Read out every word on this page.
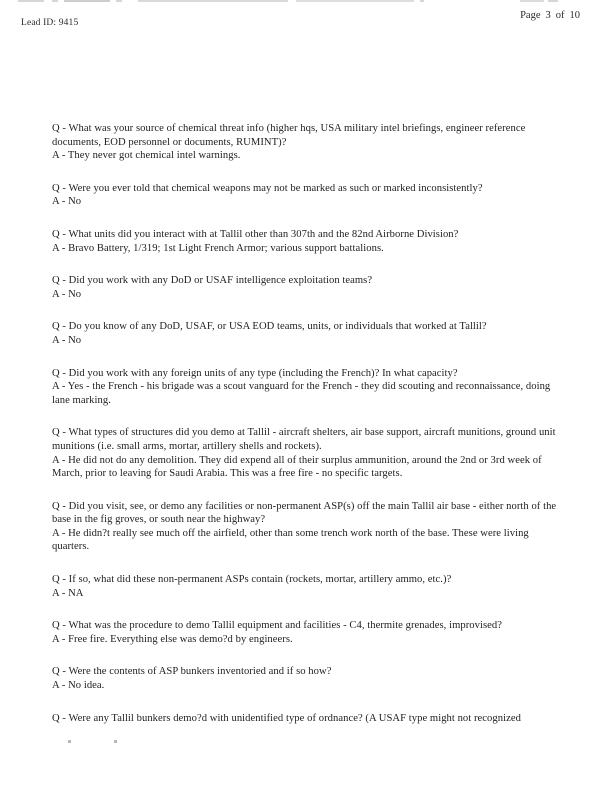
Lead ID: 9415
Page 3 of 10

Q - What was your source of chemical threat info (higher hqs, USA military intel briefings, engineer reference documents, EOD personnel or documents, RUMINT)?

A - They never got chemical intel warnings.

Q - Were you ever told that chemical weapons may not be marked as such or marked inconsistently?

A - No

Q - What units did you interact with at Tallil other than 307th and the 82nd Airborne Division?

A - Bravo Battery, 1/319; 1st Light French Armor; various support battalions.

Q - Did you work with any DoD or USAF intelligence exploitation teams?

A - No

Q - Do you know of any DoD, USAF, or USA EOD teams, units, or individuals that worked at Tallil?

A - No

Q - Did you work with any foreign units of any type (including the French)? In what capacity?

A - Yes - the French - his brigade was a scout vanguard for the French - they did scouting and reconnaissance, doing lane marking.

Q - What types of structures did you demo at Tallil - aircraft shelters, air base support, aircraft munitions, ground unit munitions (i.e. small arms, mortar, artillery shells and rockets).

A - He did not do any demolition. They did expend all of their surplus ammunition, around the 2nd or 3rd week of March, prior to leaving for Saudi Arabia. This was a free fire - no specific targets.

Q - Did you visit, see, or demo any facilities or non-permanent ASP(s) off the main Tallil air base - either north of the base in the fig groves, or south near the highway?

A - He didn?t really see much off the airfield, other than some trench work north of the base. These were living quarters.

Q - If so, what did these non-permanent ASPs contain (rockets, mortar, artillery ammo, etc.)?

A - NA

Q - What was the procedure to demo Tallil equipment and facilities - C4, thermite grenades, improvised?

A - Free fire. Everything else was demo?d by engineers.

Q - Were the contents of ASP bunkers inventoried and if so how?

A - No idea.

Q - Were any Tallil bunkers demo?d with unidentified type of ordnance? (A USAF type might not recognized
